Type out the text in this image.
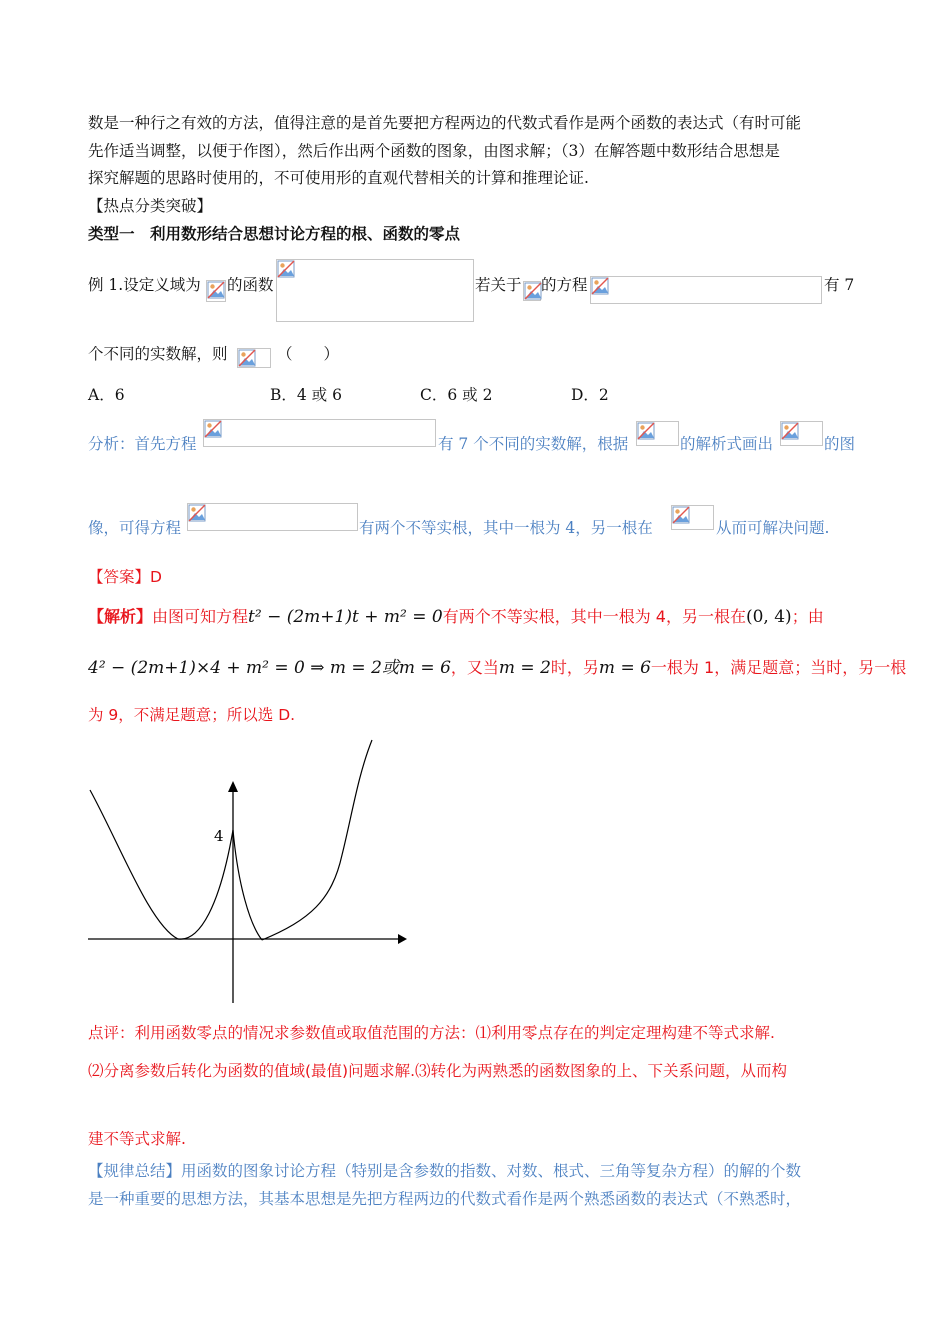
数是一种行之有效的方法，值得注意的是首先要把方程两边的代数式看作是两个函数的表达式（有时可能
先作适当调整，以便于作图），然后作出两个函数的图象，由图求解；（3）在解答题中数形结合思想是
探究解题的思路时使用的，不可使用形的直观代替相关的计算和推理论证.
【热点分类突破】
类型一　利用数形结合思想讨论方程的根、函数的零点
例 1.设定义域为 的函数	若关于 的方程	有 7
个不同的实数解，则	（　　）
A．6	B．4 或 6	C．6 或 2	D．2
分析：首先方程	有 7 个不同的实数解，根据	的解析式画出	的图
像，可得方程	有两个不等实根，其中一根为 4，另一根在	从而可解决问题.
【答案】D
【解析】由图可知方程t² − (2m+1)t + m² = 0有两个不等实根，其中一根为 4，另一根在(0, 4)；由
4² − (2m+1)×4 + m² = 0 ⇒ m = 2或m = 6，又当m = 2时，另m = 6一根为 1，满足题意；当时，另一根
为 9，不满足题意；所以选 D.
4
点评：利用函数零点的情况求参数值或取值范围的方法：⑴利用零点存在的判定定理构建不等式求解.
⑵分离参数后转化为函数的值域(最值)问题求解.⑶转化为两熟悉的函数图象的上、下关系问题，从而构
建不等式求解.
【规律总结】用函数的图象讨论方程（特别是含参数的指数、对数、根式、三角等复杂方程）的解的个数
是一种重要的思想方法，其基本思想是先把方程两边的代数式看作是两个熟悉函数的表达式（不熟悉时，
